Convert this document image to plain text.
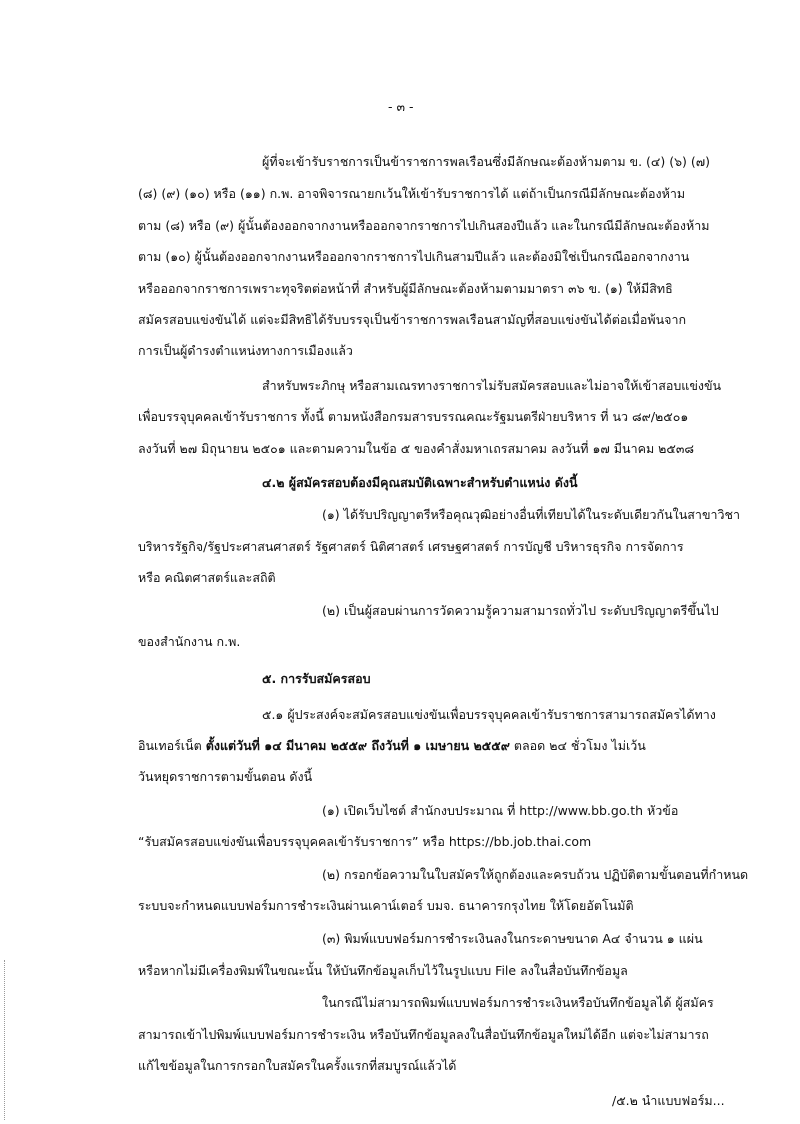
- ๓ -
ผู้ที่จะเข้ารับราชการเป็นข้าราชการพลเรือนซึ่งมีลักษณะต้องห้ามตาม ข. (๔) (๖) (๗)
(๘) (๙) (๑๐) หรือ (๑๑) ก.พ. อาจพิจารณายกเว้นให้เข้ารับราชการได้ แต่ถ้าเป็นกรณีมีลักษณะต้องห้าม
ตาม (๘) หรือ (๙) ผู้นั้นต้องออกจากงานหรือออกจากราชการไปเกินสองปีแล้ว และในกรณีมีลักษณะต้องห้าม
ตาม (๑๐) ผู้นั้นต้องออกจากงานหรือออกจากราชการไปเกินสามปีแล้ว และต้องมิใช่เป็นกรณีออกจากงาน
หรือออกจากราชการเพราะทุจริตต่อหน้าที่ สำหรับผู้มีลักษณะต้องห้ามตามมาตรา ๓๖ ข. (๑) ให้มีสิทธิ
สมัครสอบแข่งขันได้ แต่จะมีสิทธิได้รับบรรจุเป็นข้าราชการพลเรือนสามัญที่สอบแข่งขันได้ต่อเมื่อพ้นจาก
การเป็นผู้ดำรงตำแหน่งทางการเมืองแล้ว
สำหรับพระภิกษุ หรือสามเณรทางราชการไม่รับสมัครสอบและไม่อาจให้เข้าสอบแข่งขัน
เพื่อบรรจุบุคคลเข้ารับราชการ ทั้งนี้ ตามหนังสือกรมสารบรรณคณะรัฐมนตรีฝ่ายบริหาร ที่ นว ๘๙/๒๕๐๑
ลงวันที่ ๒๗ มิถุนายน ๒๕๐๑ และตามความในข้อ ๕ ของคำสั่งมหาเถรสมาคม ลงวันที่ ๑๗ มีนาคม ๒๕๓๘
๔.๒ ผู้สมัครสอบต้องมีคุณสมบัติเฉพาะสำหรับตำแหน่ง ดังนี้
(๑) ได้รับปริญญาตรีหรือคุณวุฒิอย่างอื่นที่เทียบได้ในระดับเดียวกันในสาขาวิชา
บริหารรัฐกิจ/รัฐประศาสนศาสตร์ รัฐศาสตร์ นิติศาสตร์ เศรษฐศาสตร์ การบัญชี บริหารธุรกิจ การจัดการ
หรือ คณิตศาสตร์และสถิติ
(๒) เป็นผู้สอบผ่านการวัดความรู้ความสามารถทั่วไป ระดับปริญญาตรีขึ้นไป
ของสำนักงาน ก.พ.
๕. การรับสมัครสอบ
๕.๑ ผู้ประสงค์จะสมัครสอบแข่งขันเพื่อบรรจุบุคคลเข้ารับราชการสามารถสมัครได้ทาง
อินเทอร์เน็ต ตั้งแต่วันที่ ๑๔ มีนาคม ๒๕๕๙ ถึงวันที่ ๑ เมษายน ๒๕๕๙ ตลอด ๒๔ ชั่วโมง ไม่เว้น
วันหยุดราชการตามขั้นตอน ดังนี้
(๑) เปิดเว็บไซต์ สำนักงบประมาณ ที่ http://www.bb.go.th หัวข้อ
“รับสมัครสอบแข่งขันเพื่อบรรจุบุคคลเข้ารับราชการ” หรือ https://bb.job.thai.com
(๒) กรอกข้อความในใบสมัครให้ถูกต้องและครบถ้วน ปฏิบัติตามขั้นตอนที่กำหนด
ระบบจะกำหนดแบบฟอร์มการชำระเงินผ่านเคาน์เตอร์ บมจ. ธนาคารกรุงไทย ให้โดยอัตโนมัติ
(๓) พิมพ์แบบฟอร์มการชำระเงินลงในกระดาษขนาด A๔ จำนวน ๑ แผ่น
หรือหากไม่มีเครื่องพิมพ์ในขณะนั้น ให้บันทึกข้อมูลเก็บไว้ในรูปแบบ File ลงในสื่อบันทึกข้อมูล
ในกรณีไม่สามารถพิมพ์แบบฟอร์มการชำระเงินหรือบันทึกข้อมูลได้ ผู้สมัคร
สามารถเข้าไปพิมพ์แบบฟอร์มการชำระเงิน หรือบันทึกข้อมูลลงในสื่อบันทึกข้อมูลใหม่ได้อีก แต่จะไม่สามารถ
แก้ไขข้อมูลในการกรอกใบสมัครในครั้งแรกที่สมบูรณ์แล้วได้
/๕.๒ นำแบบฟอร์ม...
